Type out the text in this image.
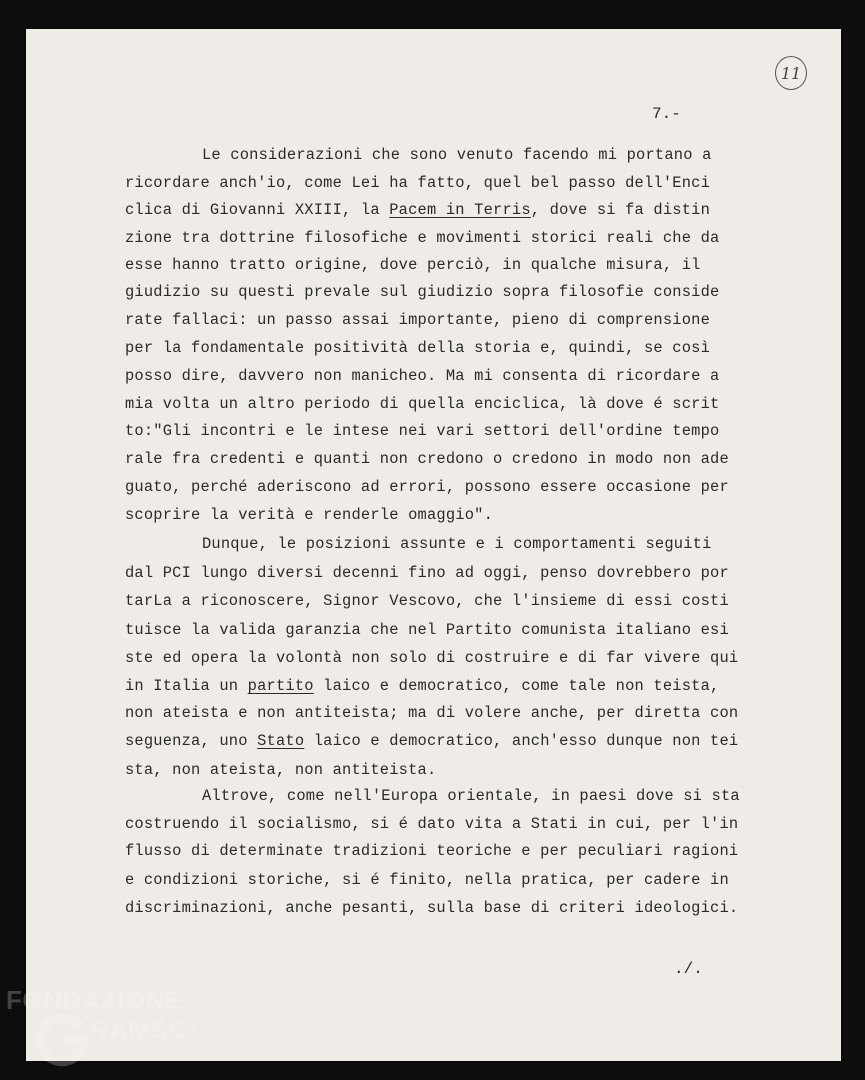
11
7.-
Le considerazioni che sono venuto facendo mi portano a
ricordare anch'io, come Lei ha fatto, quel bel passo dell'Enci
clica di Giovanni XXIII, la Pacem in Terris, dove si fa distin
zione tra dottrine filosofiche e movimenti storici reali che da
esse hanno tratto origine, dove perciò, in qualche misura, il
giudizio su questi prevale sul giudizio sopra filosofie conside
rate fallaci: un passo assai importante, pieno di comprensione
per la fondamentale positività della storia e, quindi, se così
posso dire, davvero non manicheo. Ma mi consenta di ricordare a
mia volta un altro periodo di quella enciclica, là dove é scrit
to:"Gli incontri e le intese nei vari settori dell'ordine tempo
rale fra credenti e quanti non credono o credono in modo non ade
guato, perché aderiscono ad errori, possono essere occasione per
scoprire la verità e renderle omaggio".
Dunque, le posizioni assunte e i comportamenti seguiti
dal PCI lungo diversi decenni fino ad oggi, penso dovrebbero por
tarLa a riconoscere, Signor Vescovo, che l'insieme di essi costi
tuisce la valida garanzia che nel Partito comunista italiano esi
ste ed opera la volontà non solo di costruire e di far vivere qui
in Italia un partito laico e democratico, come tale non teista,
non ateista e non antiteista; ma di volere anche, per diretta con
seguenza, uno Stato laico e democratico, anch'esso dunque non tei
sta, non ateista, non antiteista.
Altrove, come nell'Europa orientale, in paesi dove si sta
costruendo il socialismo, si é dato vita a Stati in cui, per l'in
flusso di determinate tradizioni teoriche e per peculiari ragioni
e condizioni storiche, si é finito, nella pratica, per cadere in
discriminazioni, anche pesanti, sulla base di criteri ideologici.
./.
FONDAZIONE
RAMSCI
online
